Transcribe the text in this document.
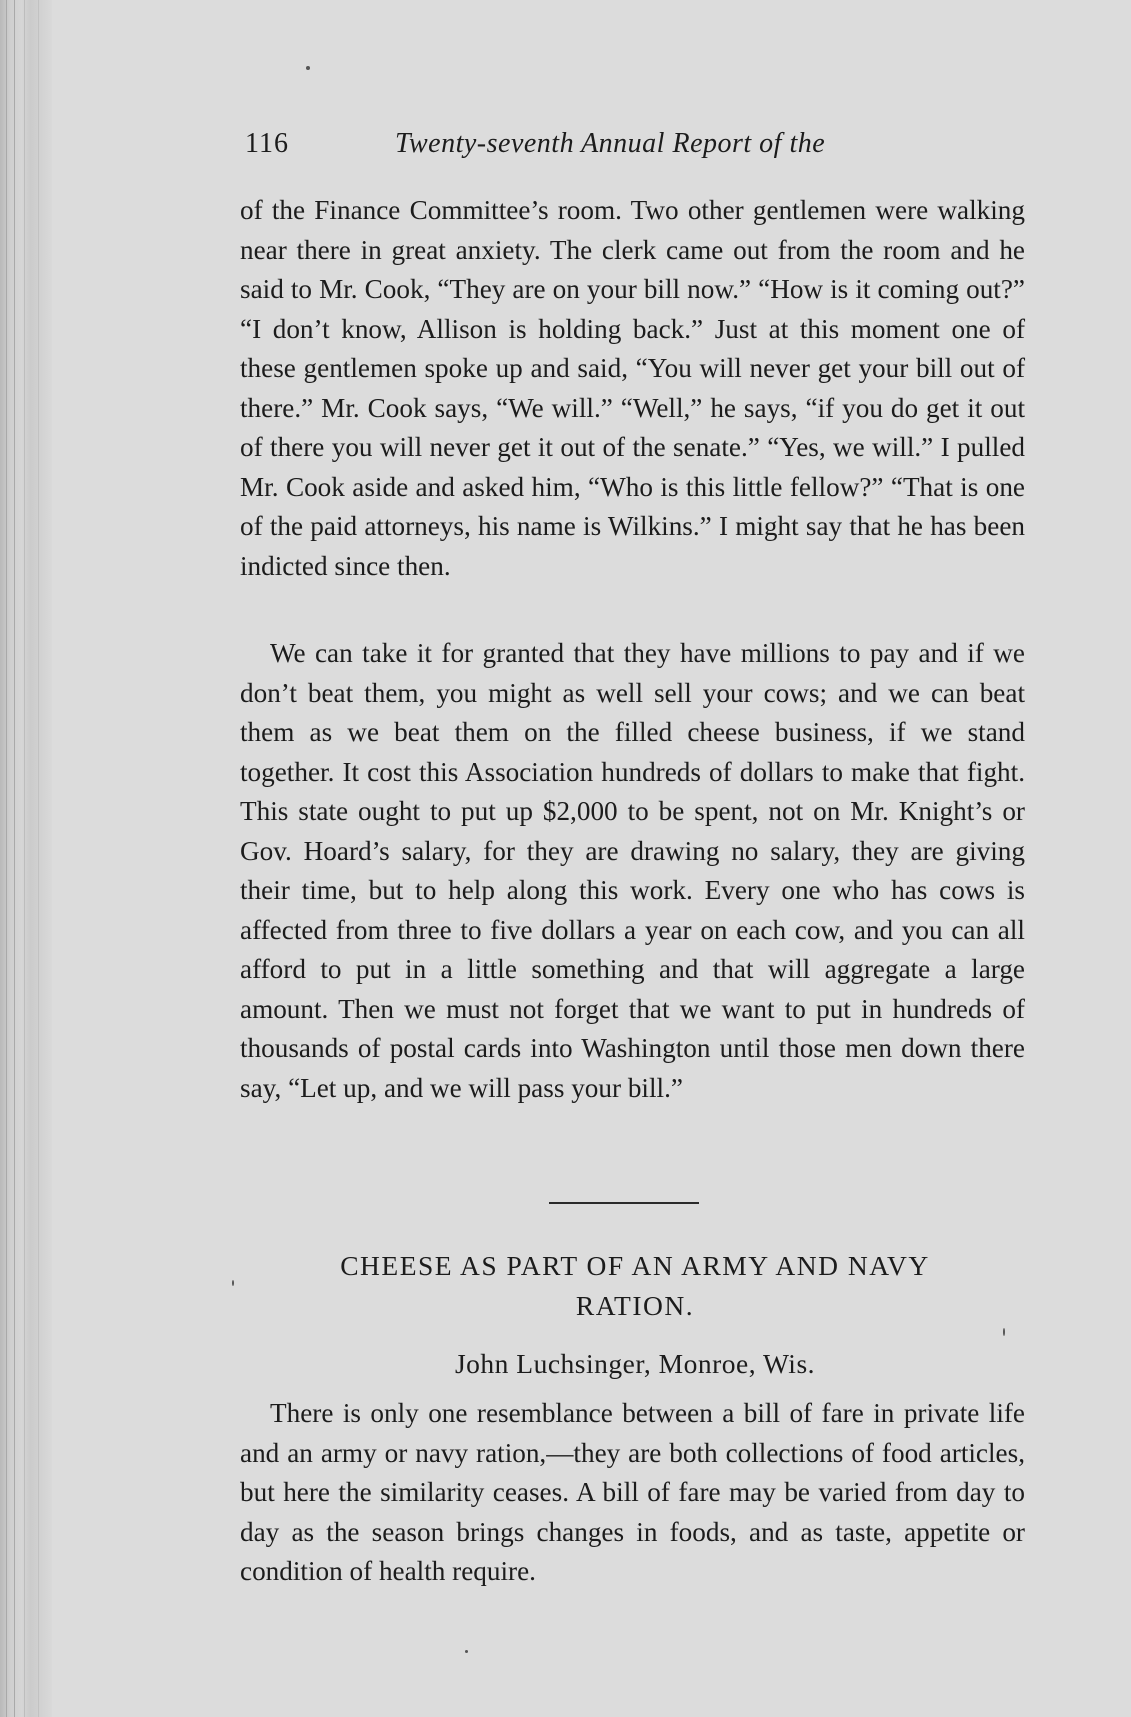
116	Twenty-seventh Annual Report of the

of the Finance Committee’s room. Two other gentlemen were walking near there in great anxiety. The clerk came out from the room and he said to Mr. Cook, “They are on your bill now.” “How is it coming out?” “I don’t know, Allison is holding back.” Just at this moment one of these gentlemen spoke up and said, “You will never get your bill out of there.” Mr. Cook says, “We will.” “Well,” he says, “if you do get it out of there you will never get it out of the senate.” “Yes, we will.” I pulled Mr. Cook aside and asked him, “Who is this little fellow?” “That is one of the paid attorneys, his name is Wilkins.” I might say that he has been indicted since then.

We can take it for granted that they have millions to pay and if we don’t beat them, you might as well sell your cows; and we can beat them as we beat them on the filled cheese business, if we stand together. It cost this Association hundreds of dollars to make that fight. This state ought to put up $2,000 to be spent, not on Mr. Knight’s or Gov. Hoard’s salary, for they are drawing no salary, they are giving their time, but to help along this work. Every one who has cows is affected from three to five dollars a year on each cow, and you can all afford to put in a little something and that will aggregate a large amount. Then we must not forget that we want to put in hundreds of thousands of postal cards into Washington until those men down there say, “Let up, and we will pass your bill.”

CHEESE AS PART OF AN ARMY AND NAVY
RATION.
John Luchsinger, Monroe, Wis.

There is only one resemblance between a bill of fare in private life and an army or navy ration,—they are both collections of food articles, but here the similarity ceases. A bill of fare may be varied from day to day as the season brings changes in foods, and as taste, appetite or condition of health require.
